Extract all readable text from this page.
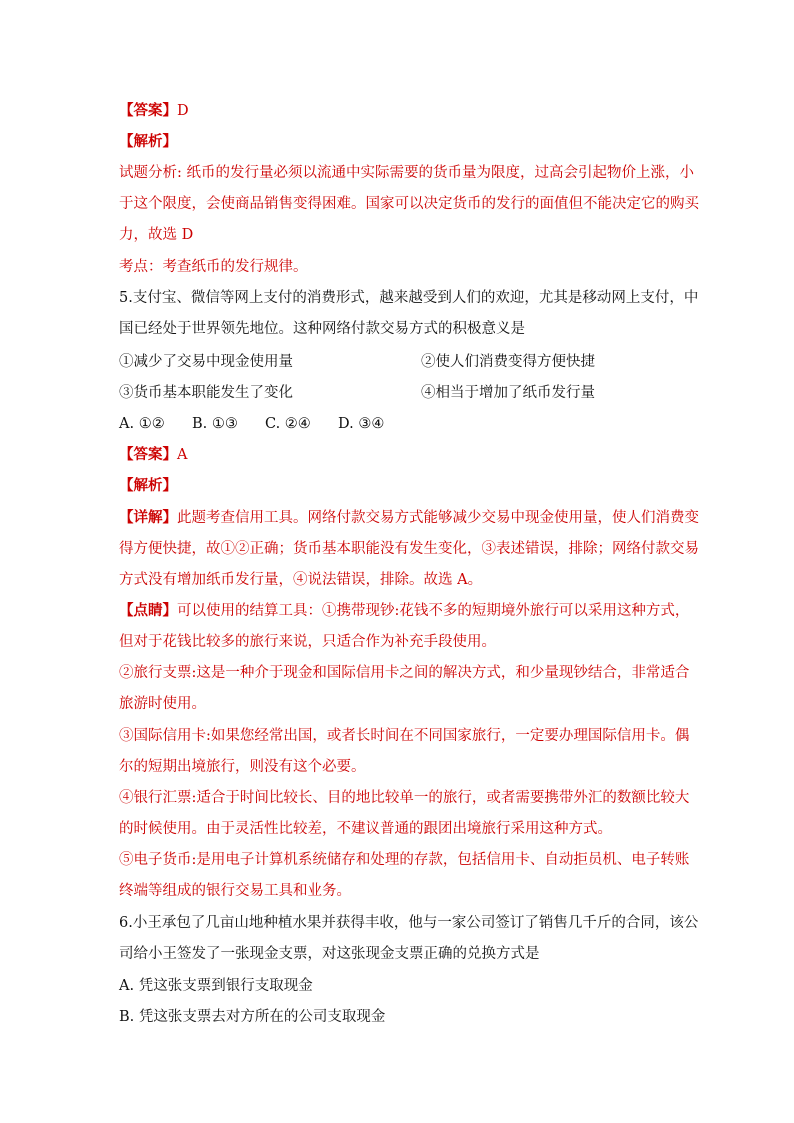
【答案】D
【解析】
试题分析: 纸币的发行量必须以流通中实际需要的货币量为限度，过高会引起物价上涨，小
于这个限度，会使商品销售变得困难。国家可以决定货币的发行的面值但不能决定它的购买
力，故选 D
考点：考查纸币的发行规律。
5.支付宝、微信等网上支付的消费形式，越来越受到人们的欢迎，尤其是移动网上支付，中
国已经处于世界领先地位。这种网络付款交易方式的积极意义是
①减少了交易中现金使用量	②使人们消费变得方便快捷
③货币基本职能发生了变化	④相当于增加了纸币发行量
A. ①② B. ①③ C. ②④ D. ③④
【答案】A
【解析】
【详解】此题考查信用工具。网络付款交易方式能够减少交易中现金使用量，使人们消费变
得方便快捷，故①②正确；货币基本职能没有发生变化，③表述错误，排除；网络付款交易
方式没有增加纸币发行量，④说法错误，排除。故选 A。
【点睛】可以使用的结算工具：①携带现钞:花钱不多的短期境外旅行可以采用这种方式，
但对于花钱比较多的旅行来说，只适合作为补充手段使用。
②旅行支票:这是一种介于现金和国际信用卡之间的解决方式，和少量现钞结合，非常适合
旅游时使用。
③国际信用卡:如果您经常出国，或者长时间在不同国家旅行，一定要办理国际信用卡。偶
尔的短期出境旅行，则没有这个必要。
④银行汇票:适合于时间比较长、目的地比较单一的旅行，或者需要携带外汇的数额比较大
的时候使用。由于灵活性比较差，不建议普通的跟团出境旅行采用这种方式。
⑤电子货币:是用电子计算机系统储存和处理的存款，包括信用卡、自动拒员机、电子转账
终端等组成的银行交易工具和业务。
6.小王承包了几亩山地种植水果并获得丰收，他与一家公司签订了销售几千斤的合同，该公
司给小王签发了一张现金支票，对这张现金支票正确的兑换方式是
A. 凭这张支票到银行支取现金
B. 凭这张支票去对方所在的公司支取现金
